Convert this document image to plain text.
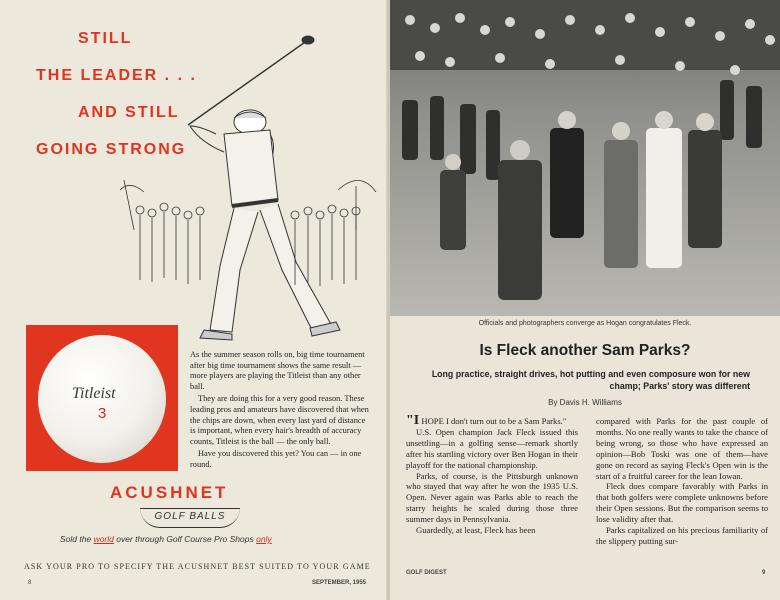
STILL
THE LEADER . . .
AND STILL
GOING STRONG
Titleist
3

As the summer season rolls on, big time tournament after big time tournament shows the same result — more players are playing the Titleist than any other ball.

They are doing this for a very good reason. These leading pros and amateurs have discovered that when the chips are down, when every last yard of distance is important, when every hair's breadth of accuracy counts, Titleist is the ball — the only ball.

Have you discovered this yet? You can — in one round.

ACUSHNET
GOLF BALLS
Sold the world over through Golf Course Pro Shops only
ASK YOUR PRO TO SPECIFY THE ACUSHNET BEST SUITED TO YOUR GAME
8	SEPTEMBER, 1955
Officials and photographers converge as Hogan congratulates Fleck.
Is Fleck another Sam Parks?
Long practice, straight drives, hot putting and even composure won for new champ; Parks' story was different
By Davis H. Williams

"I HOPE I don't turn out to be a Sam Parks."

U.S. Open champion Jack Fleck issued this unsettling—in a golfing sense—remark shortly after his startling victory over Ben Hogan in their playoff for the national championship.

Parks, of course, is the Pittsburgh unknown who stayed that way after he won the 1935 U.S. Open. Never again was Parks able to reach the starry heights he scaled during those three summer days in Pennsylvania.

Guardedly, at least, Fleck has been

compared with Parks for the past couple of months. No one really wants to take the chance of being wrong, so those who have expressed an opinion—Bob Toski was one of them—have gone on record as saying Fleck's Open win is the start of a fruitful career for the lean Iowan.

Fleck does compare favorably with Parks in that both golfers were complete unknowns before their Open sessions. But the comparison seems to lose validity after that.

Parks capitalized on his precious familiarity of the slippery putting sur-

GOLF DIGEST	9
